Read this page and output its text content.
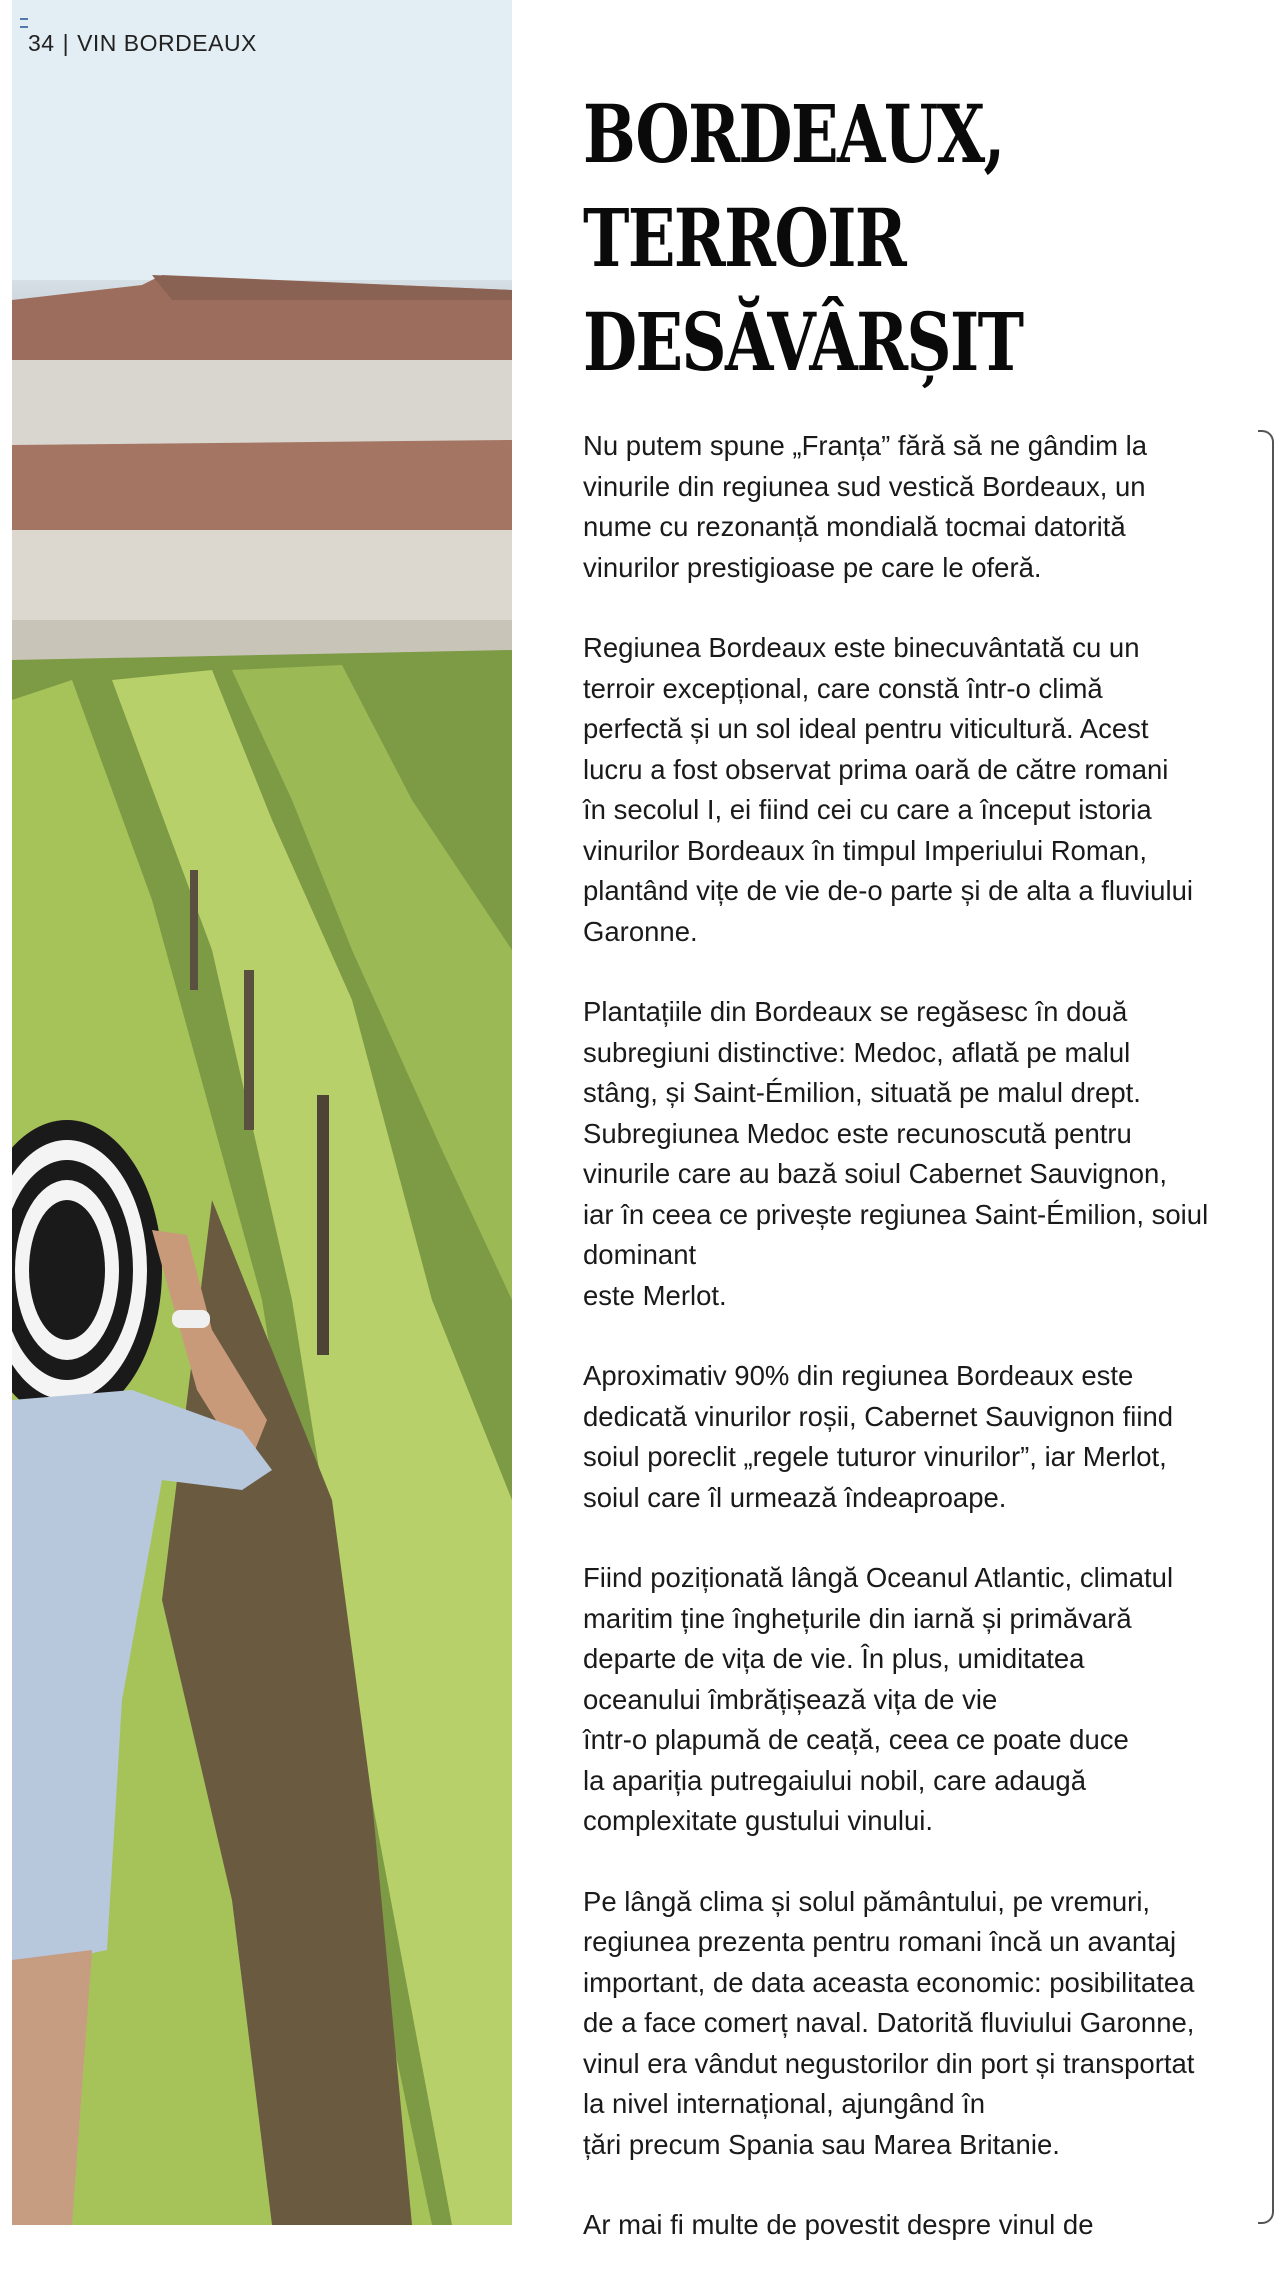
34 | VIN BORDEAUX
BORDEAUX,
TERROIR
DESĂVÂRȘIT

Nu putem spune „Franța” fără să ne gândim la
vinurile din regiunea sud vestică Bordeaux, un
nume cu rezonanță mondială tocmai datorită
vinurilor prestigioase pe care le oferă.

Regiunea Bordeaux este binecuvântată cu un
terroir excepțional, care constă într-o climă
perfectă și un sol ideal pentru viticultură. Acest
lucru a fost observat prima oară de către romani
în secolul I, ei fiind cei cu care a început istoria
vinurilor Bordeaux în timpul Imperiului Roman,
plantând vițe de vie de-o parte și de alta a fluviului
Garonne.

Plantațiile din Bordeaux se regăsesc în două
subregiuni distinctive: Medoc, aflată pe malul
stâng, și Saint-Émilion, situată pe malul drept.
Subregiunea Medoc este recunoscută pentru
vinurile care au bază soiul Cabernet Sauvignon,
iar în ceea ce privește regiunea Saint-Émilion, soiul
dominant
este Merlot.

Aproximativ 90% din regiunea Bordeaux este
dedicată vinurilor roșii, Cabernet Sauvignon fiind
soiul poreclit „regele tuturor vinurilor”, iar Merlot,
soiul care îl urmează îndeaproape.

Fiind poziționată lângă Oceanul Atlantic, climatul
maritim ține înghețurile din iarnă și primăvară
departe de vița de vie. În plus, umiditatea
oceanului îmbrățișează vița de vie
într-o plapumă de ceață, ceea ce poate duce
la apariția putregaiului nobil, care adaugă
complexitate gustului vinului.

Pe lângă clima și solul pământului, pe vremuri,
regiunea prezenta pentru romani încă un avantaj
important, de data aceasta economic: posibilitatea
de a face comerț naval. Datorită fluviului Garonne,
vinul era vândut negustorilor din port și transportat
la nivel internațional, ajungând în
țări precum Spania sau Marea Britanie.

Ar mai fi multe de povestit despre vinul de
